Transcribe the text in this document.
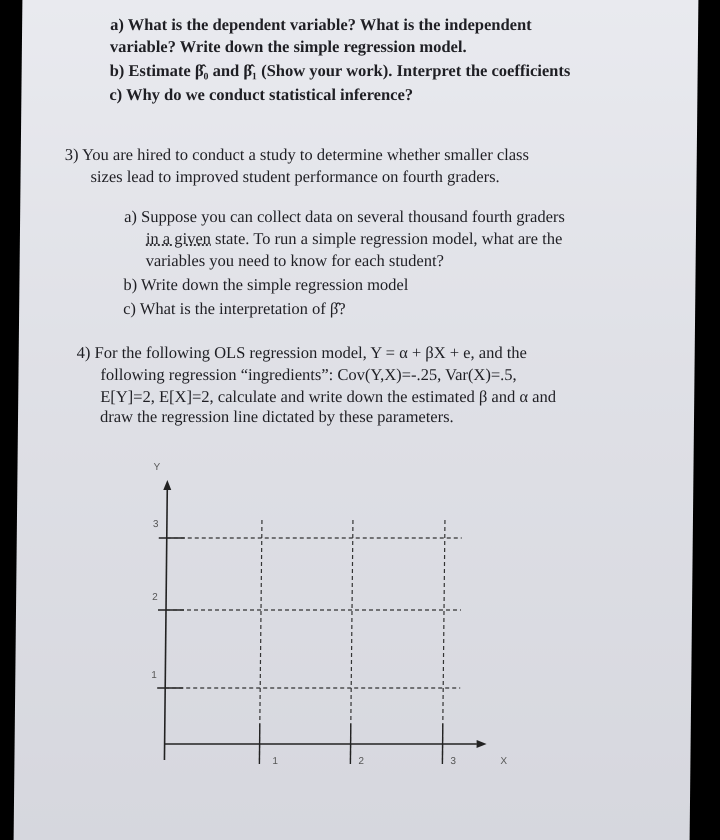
a) What is the dependent variable? What is the independent
variable? Write down the simple regression model.
b) Estimate β̂₀ and β̂₁ (Show your work). Interpret the coefficients
c) Why do we conduct statistical inference?
3) You are hired to conduct a study to determine whether smaller class
sizes lead to improved student performance on fourth graders.
a) Suppose you can collect data on several thousand fourth graders
in a given state. To run a simple regression model, what are the
variables you need to know for each student?
b) Write down the simple regression model
c) What is the interpretation of β̂?
4) For the following OLS regression model, Y = α + βX + e, and the
following regression “ingredients”: Cov(Y,X)=-.25, Var(X)=.5,
E[Y]=2, E[X]=2, calculate and write down the estimated β and α and
draw the regression line dictated by these parameters.
Y
X
3
2
1
1	2	3
